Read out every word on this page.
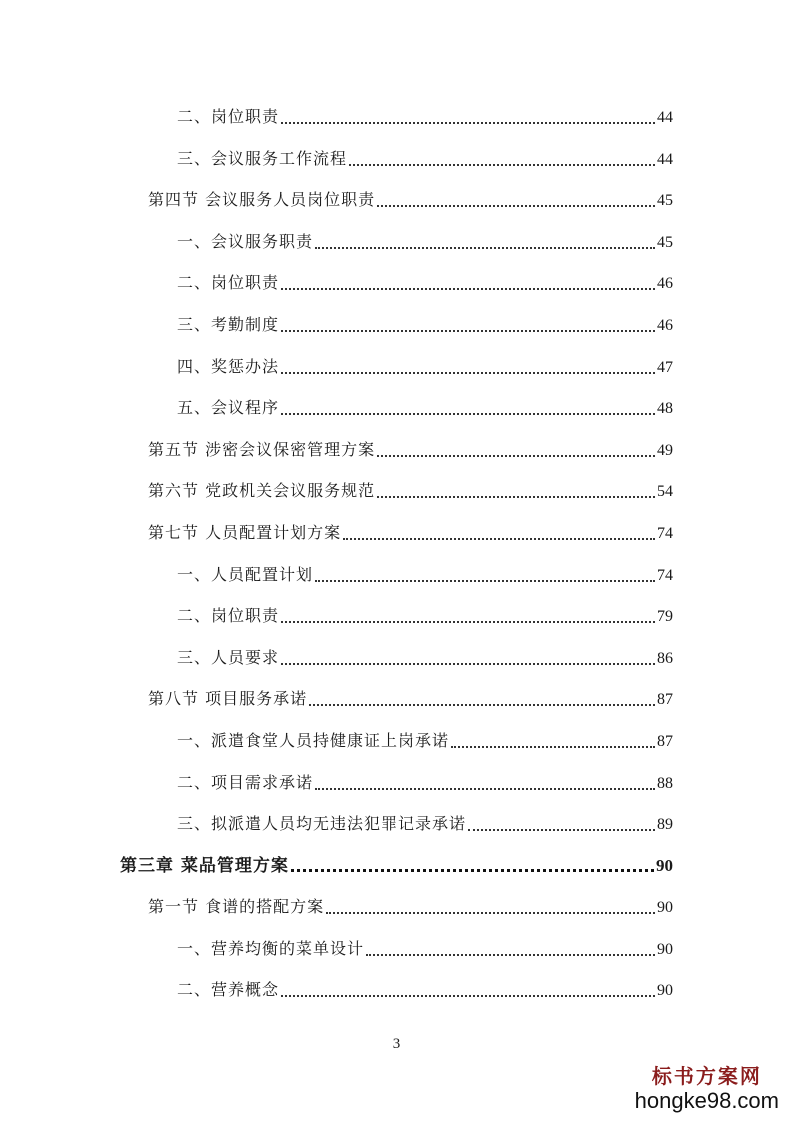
二、岗位职责	44
三、会议服务工作流程	44
第四节 会议服务人员岗位职责	45
一、会议服务职责	45
二、岗位职责	46
三、考勤制度	46
四、奖惩办法	47
五、会议程序	48
第五节 涉密会议保密管理方案	49
第六节 党政机关会议服务规范	54
第七节 人员配置计划方案	74
一、人员配置计划	74
二、岗位职责	79
三、人员要求	86
第八节 项目服务承诺	87
一、派遣食堂人员持健康证上岗承诺	87
二、项目需求承诺	88
三、拟派遣人员均无违法犯罪记录承诺	89
第三章 菜品管理方案	90
第一节 食谱的搭配方案	90
一、营养均衡的菜单设计	90
二、营养概念	90
3
标书方案网
hongke98.com
